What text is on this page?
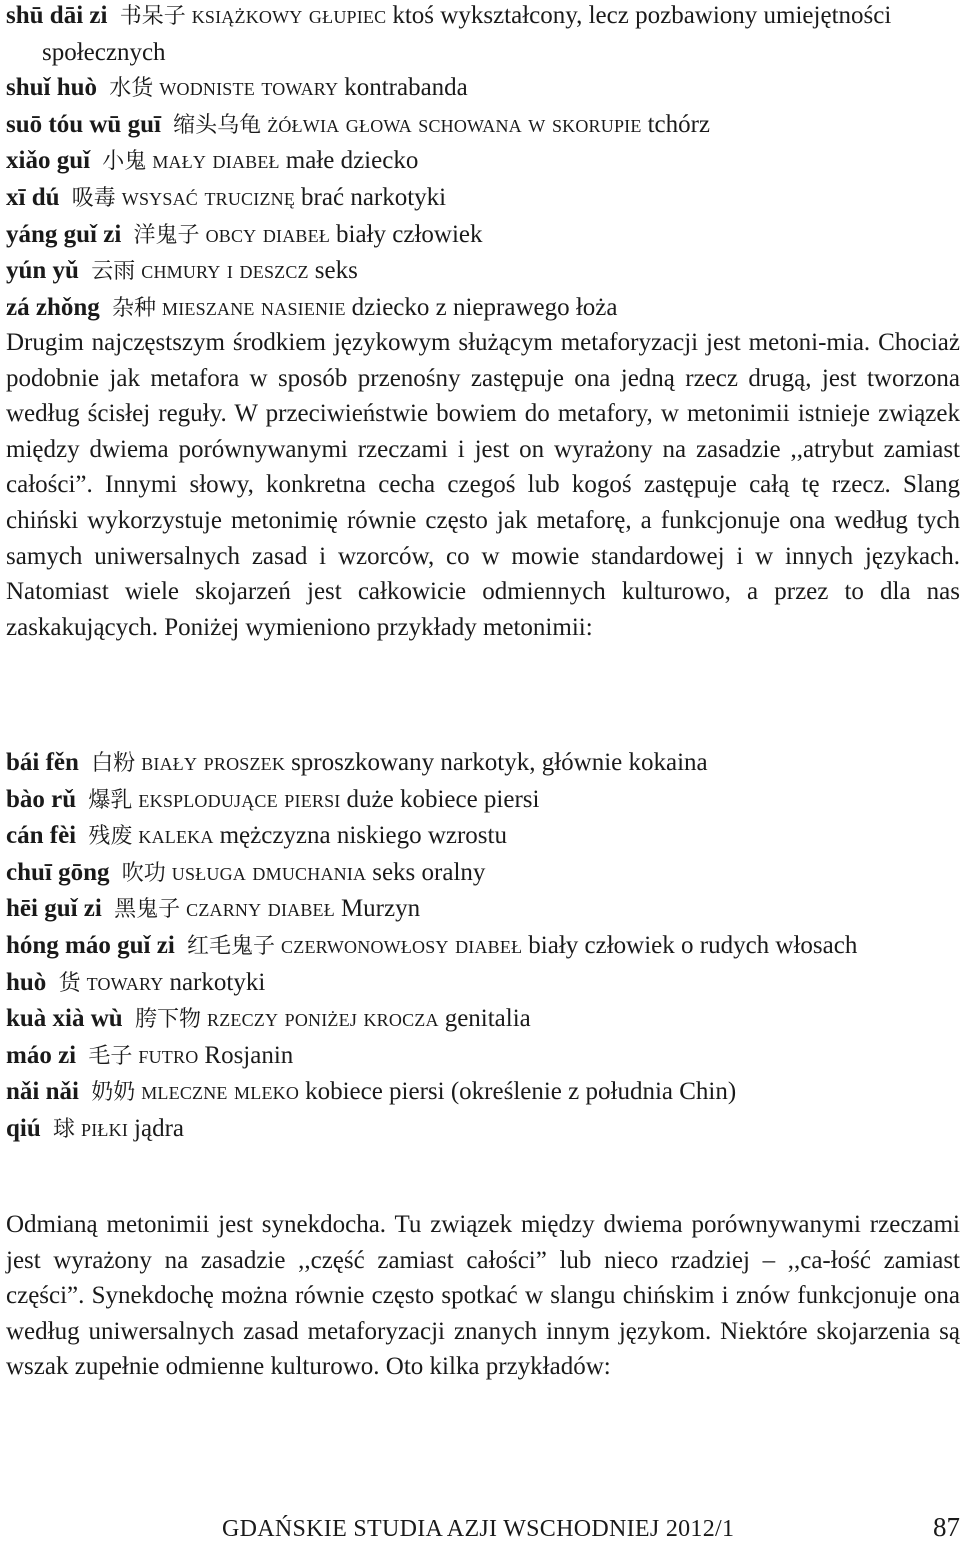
shū dāi zi 书呆子 książkowy głupiec ktoś wykształcony, lecz pozbawiony umiejętności społecznych
shuǐ huò 水货 wodniste towary kontrabanda
suō tóu wū guī 缩头乌龟 żółwia głowa schowana w skorupie tchórz
xiǎo guǐ 小鬼 mały diabeł małe dziecko
xī dú 吸毒 wsysać truciznę brać narkotyki
yáng guǐ zi 洋鬼子 obcy diabeł biały człowiek
yún yǔ 云雨 chmury i deszcz seks
zá zhǒng 杂种 mieszane nasienie dziecko z nieprawego łoża

Drugim najczęstszym środkiem językowym służącym metaforyzacji jest metoni-mia. Chociaż podobnie jak metafora w sposób przenośny zastępuje ona jedną rzecz drugą, jest tworzona według ścisłej reguły. W przeciwieństwie bowiem do metafory, w metonimii istnieje związek między dwiema porównywanymi rzeczami i jest on wyrażony na zasadzie ,,atrybut zamiast całości”. Innymi słowy, konkretna cecha czegoś lub kogoś zastępuje całą tę rzecz. Slang chiński wykorzystuje metonimię równie często jak metaforę, a funkcjonuje ona według tych samych uniwersalnych zasad i wzorców, co w mowie standardowej i w innych językach. Natomiast wiele skojarzeń jest całkowicie odmiennych kulturowo, a przez to dla nas zaskakujących. Poniżej wymieniono przykłady metonimii:

bái fěn 白粉 biały proszek sproszkowany narkotyk, głównie kokaina
bào rǔ 爆乳 eksplodujące piersi duże kobiece piersi
cán fèi 残废 kaleka mężczyzna niskiego wzrostu
chuī gōng 吹功 usługa dmuchania seks oralny
hēi guǐ zi 黑鬼子 czarny diabeł Murzyn
hóng máo guǐ zi 红毛鬼子 czerwonowłosy diabeł biały człowiek o rudych włosach
huò 货 towary narkotyki
kuà xià wù 胯下物 rzeczy poniżej krocza genitalia
máo zi 毛子 futro Rosjanin
nǎi nǎi 奶奶 mleczne mleko kobiece piersi (określenie z południa Chin)
qiú 球 piłki jądra

Odmianą metonimii jest synekdocha. Tu związek między dwiema porównywanymi rzeczami jest wyrażony na zasadzie ,,część zamiast całości” lub nieco rzadziej – ,,ca-łość zamiast części”. Synekdochę można równie często spotkać w slangu chińskim i znów funkcjonuje ona według uniwersalnych zasad metaforyzacji znanych innym językom. Niektóre skojarzenia są wszak zupełnie odmienne kulturowo. Oto kilka przykładów:

GDAŃSKIE STUDIA AZJI WSCHODNIEJ 2012/1	87
